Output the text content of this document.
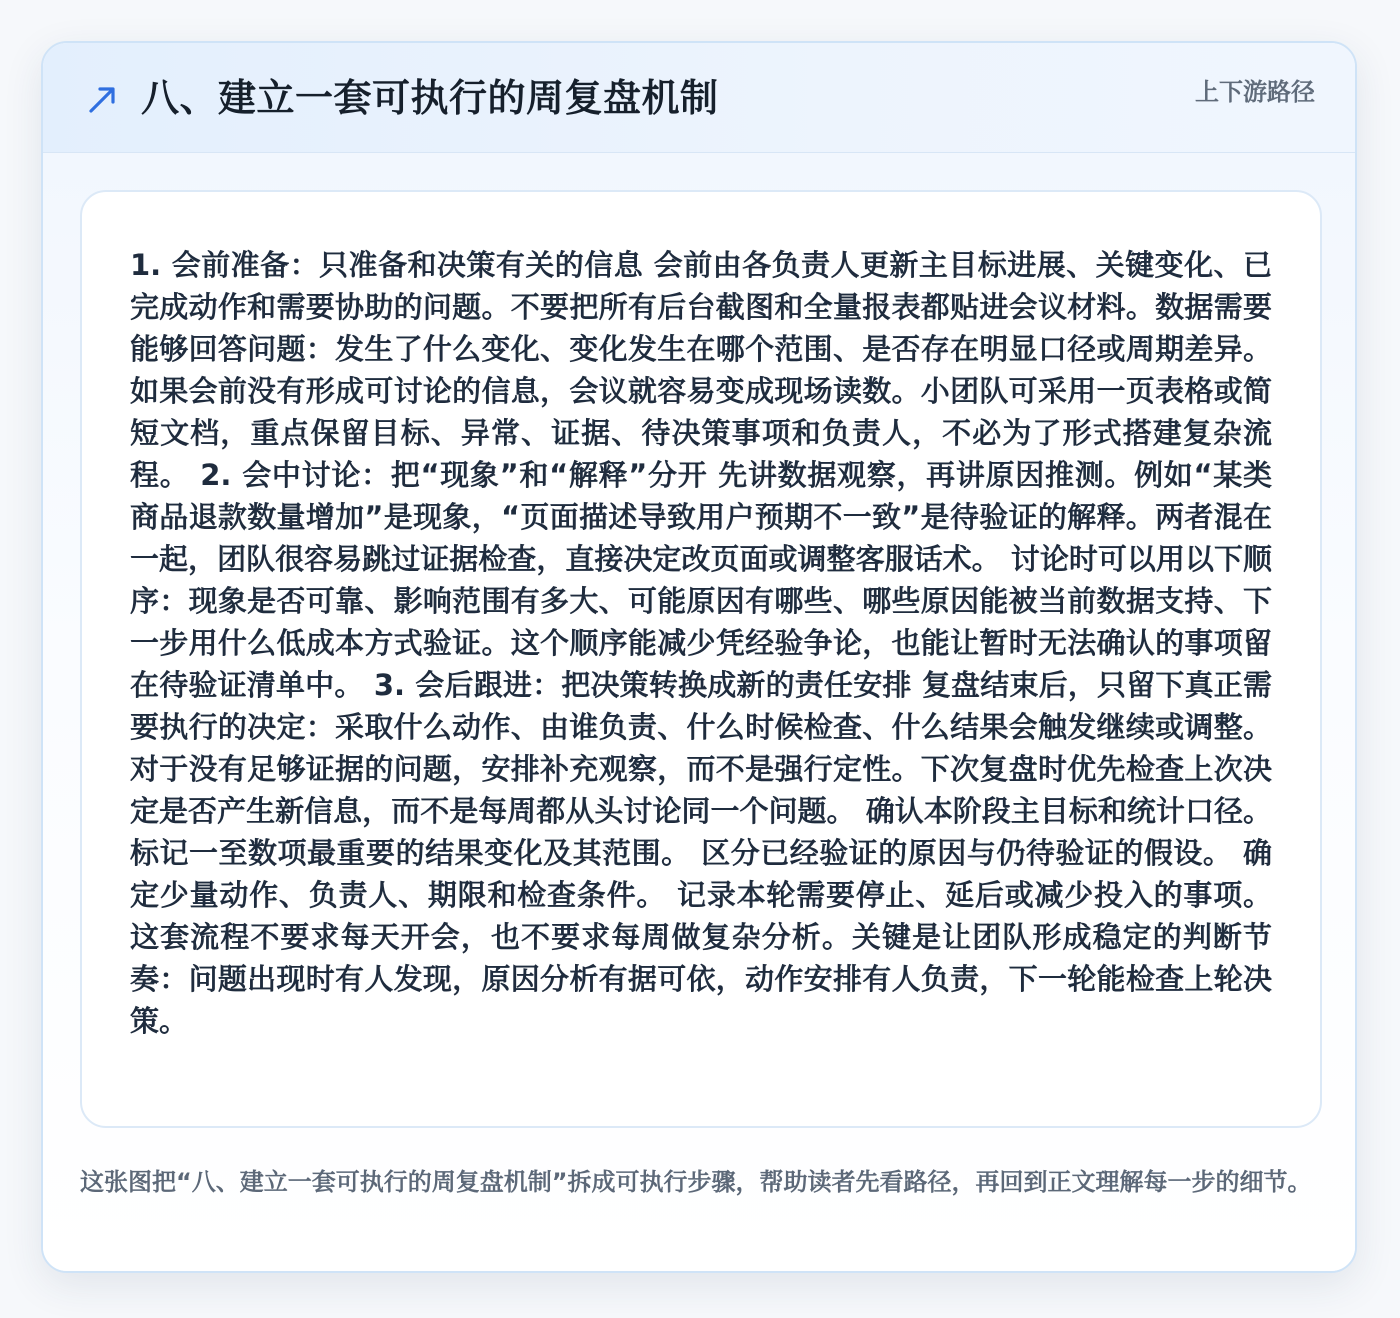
八、建立一套可执行的周复盘机制	上下游路径

1. 会前准备：只准备和决策有关的信息 会前由各负责人更新主目标进展、关键变化、已完成动作和需要协助的问题。不要把所有后台截图和全量报表都贴进会议材料。数据需要能够回答问题：发生了什么变化、变化发生在哪个范围、是否存在明显口径或周期差异。 如果会前没有形成可讨论的信息，会议就容易变成现场读数。小团队可采用一页表格或简短文档，重点保留目标、异常、证据、待决策事项和负责人，不必为了形式搭建复杂流程。 2. 会中讨论：把“现象”和“解释”分开 先讲数据观察，再讲原因推测。例如“某类商品退款数量增加”是现象，“页面描述导致用户预期不一致”是待验证的解释。两者混在一起，团队很容易跳过证据检查，直接决定改页面或调整客服话术。 讨论时可以用以下顺序：现象是否可靠、影响范围有多大、可能原因有哪些、哪些原因能被当前数据支持、下一步用什么低成本方式验证。这个顺序能减少凭经验争论，也能让暂时无法确认的事项留在待验证清单中。 3. 会后跟进：把决策转换成新的责任安排 复盘结束后，只留下真正需要执行的决定：采取什么动作、由谁负责、什么时候检查、什么结果会触发继续或调整。对于没有足够证据的问题，安排补充观察，而不是强行定性。下次复盘时优先检查上次决定是否产生新信息，而不是每周都从头讨论同一个问题。 确认本阶段主目标和统计口径。 标记一至数项最重要的结果变化及其范围。 区分已经验证的原因与仍待验证的假设。 确定少量动作、负责人、期限和检查条件。 记录本轮需要停止、延后或减少投入的事项。 这套流程不要求每天开会，也不要求每周做复杂分析。关键是让团队形成稳定的判断节奏：问题出现时有人发现，原因分析有据可依，动作安排有人负责，下一轮能检查上轮决策。

这张图把“八、建立一套可执行的周复盘机制”拆成可执行步骤，帮助读者先看路径，再回到正文理解每一步的细节。
